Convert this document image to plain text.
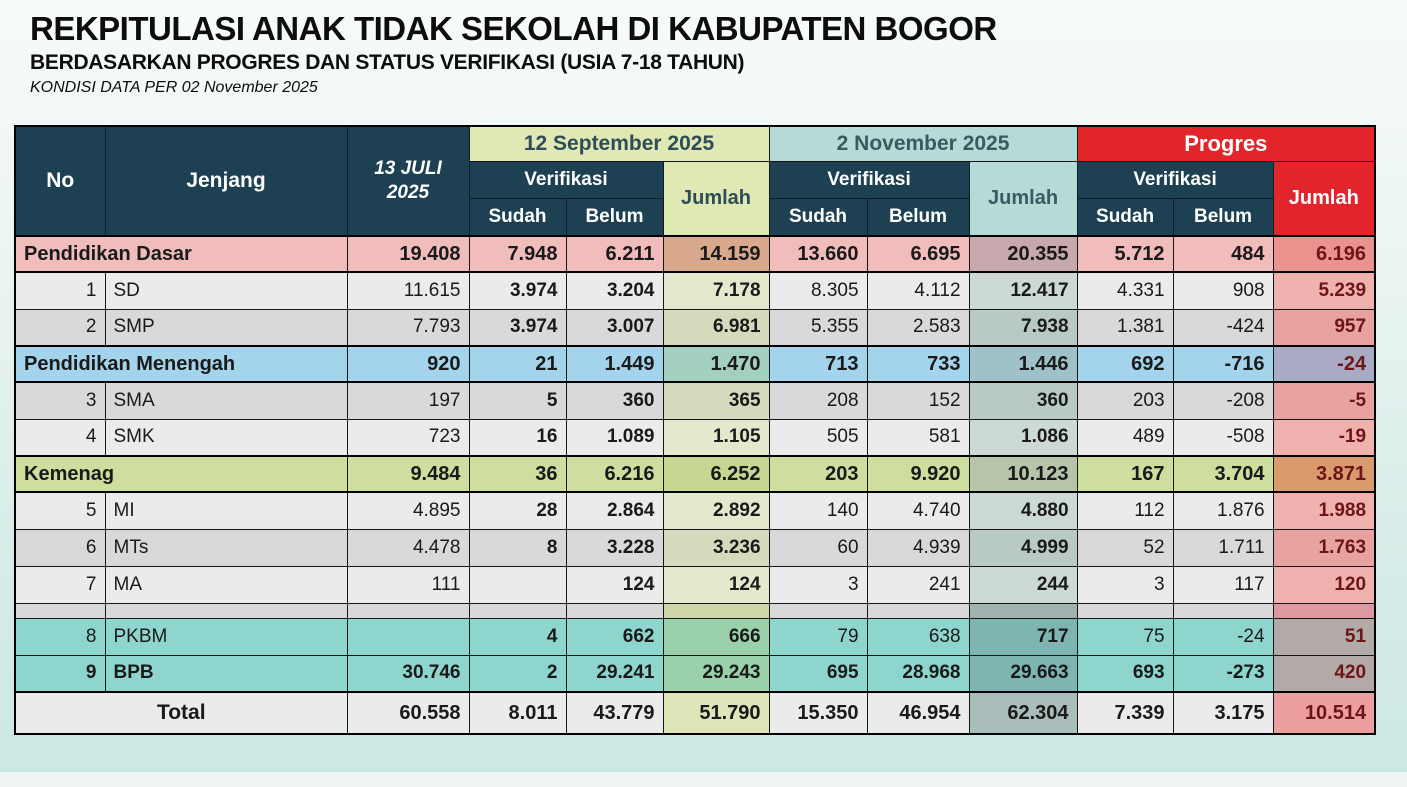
REKPITULASI ANAK TIDAK SEKOLAH DI KABUPATEN BOGOR
BERDASARKAN PROGRES DAN STATUS VERIFIKASI (USIA 7-18 TAHUN)
KONDISI DATA PER 02 November 2025
No	Jenjang	13 JULI 2025	12 September 2025			2 November 2025			Progres		
			Verifikasi		Jumlah	Verifikasi		Jumlah	Verifikasi		Jumlah
			Sudah	Belum		Sudah	Belum		Sudah	Belum	
Pendidikan Dasar		19.408	7.948	6.211	14.159	13.660	6.695	20.355	5.712	484	6.196
1	SD	11.615	3.974	3.204	7.178	8.305	4.112	12.417	4.331	908	5.239
2	SMP	7.793	3.974	3.007	6.981	5.355	2.583	7.938	1.381	-424	957
Pendidikan Menengah		920	21	1.449	1.470	713	733	1.446	692	-716	-24
3	SMA	197	5	360	365	208	152	360	203	-208	-5
4	SMK	723	16	1.089	1.105	505	581	1.086	489	-508	-19
Kemenag		9.484	36	6.216	6.252	203	9.920	10.123	167	3.704	3.871
5	MI	4.895	28	2.864	2.892	140	4.740	4.880	112	1.876	1.988
6	MTs	4.478	8	3.228	3.236	60	4.939	4.999	52	1.711	1.763
7	MA	111		124	124	3	241	244	3	117	120

8	PKBM		4	662	666	79	638	717	75	-24	51
9	BPB	30.746	2	29.241	29.243	695	28.968	29.663	693	-273	420
Total		60.558	8.011	43.779	51.790	15.350	46.954	62.304	7.339	3.175	10.514
